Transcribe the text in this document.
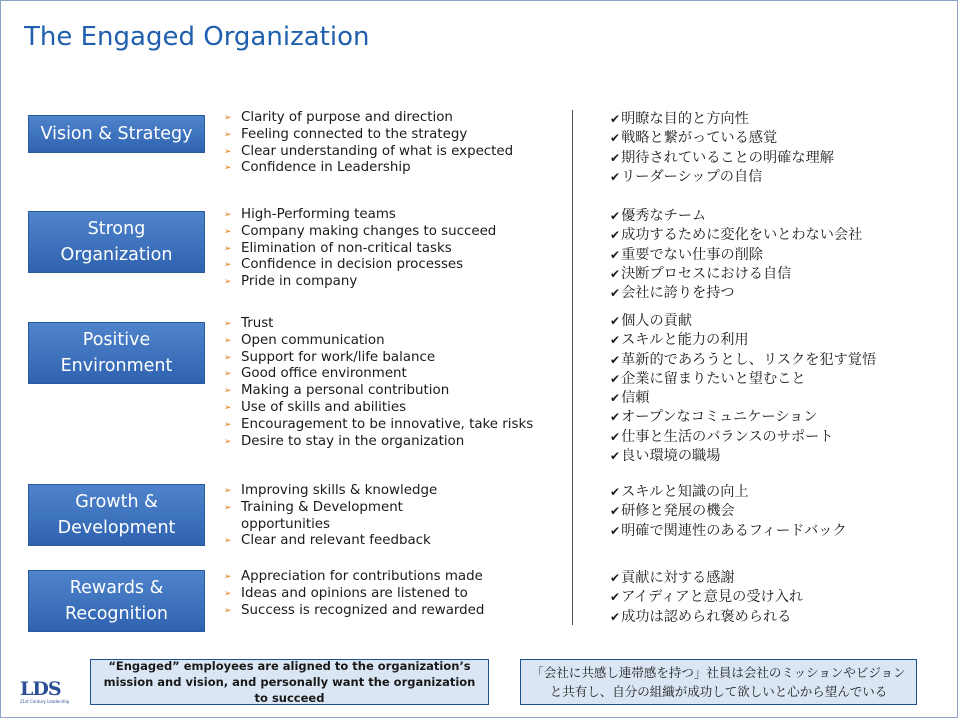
The Engaged Organization
Vision & Strategy
➢ Clarity of purpose and direction
➢ Feeling connected to the strategy
➢ Clear understanding of what is expected
➢ Confidence in Leadership
✔明瞭な目的と方向性
✔戦略と繋がっている感覚
✔期待されていることの明確な理解
✔リーダーシップの自信
Strong
Organization
➢ High-Performing teams
➢ Company making changes to succeed
➢ Elimination of non-critical tasks
➢ Confidence in decision processes
➢ Pride in company
✔優秀なチーム
✔成功するために変化をいとわない会社
✔重要でない仕事の削除
✔決断プロセスにおける自信
✔会社に誇りを持つ
Positive
Environment
➢ Trust
➢ Open communication
➢ Support for work/life balance
➢ Good office environment
➢ Making a personal contribution
➢ Use of skills and abilities
➢ Encouragement to be innovative, take risks
➢ Desire to stay in the organization
✔個人の貢献
✔スキルと能力の利用
✔革新的であろうとし、リスクを犯す覚悟
✔企業に留まりたいと望むこと
✔信頼
✔オープンなコミュニケーション
✔仕事と生活のバランスのサポート
✔良い環境の職場
Growth &
Development
➢ Improving skills & knowledge
➢ Training & Development opportunities
➢ Clear and relevant feedback
✔スキルと知識の向上
✔研修と発展の機会
✔明確で関連性のあるフィードバック
Rewards &
Recognition
➢ Appreciation for contributions made
➢ Ideas and opinions are listened to
➢ Success is recognized and rewarded
✔貢献に対する感謝
✔アイディアと意見の受け入れ
✔成功は認められ褒められる
“Engaged” employees are aligned to the organization’s mission and vision, and personally want the organization to succeed
「会社に共感し連帯感を持つ」社員は会社のミッションやビジョンと共有し、自分の組織が成功して欲しいと心から望んでいる
LDS
21st Century Leadership
